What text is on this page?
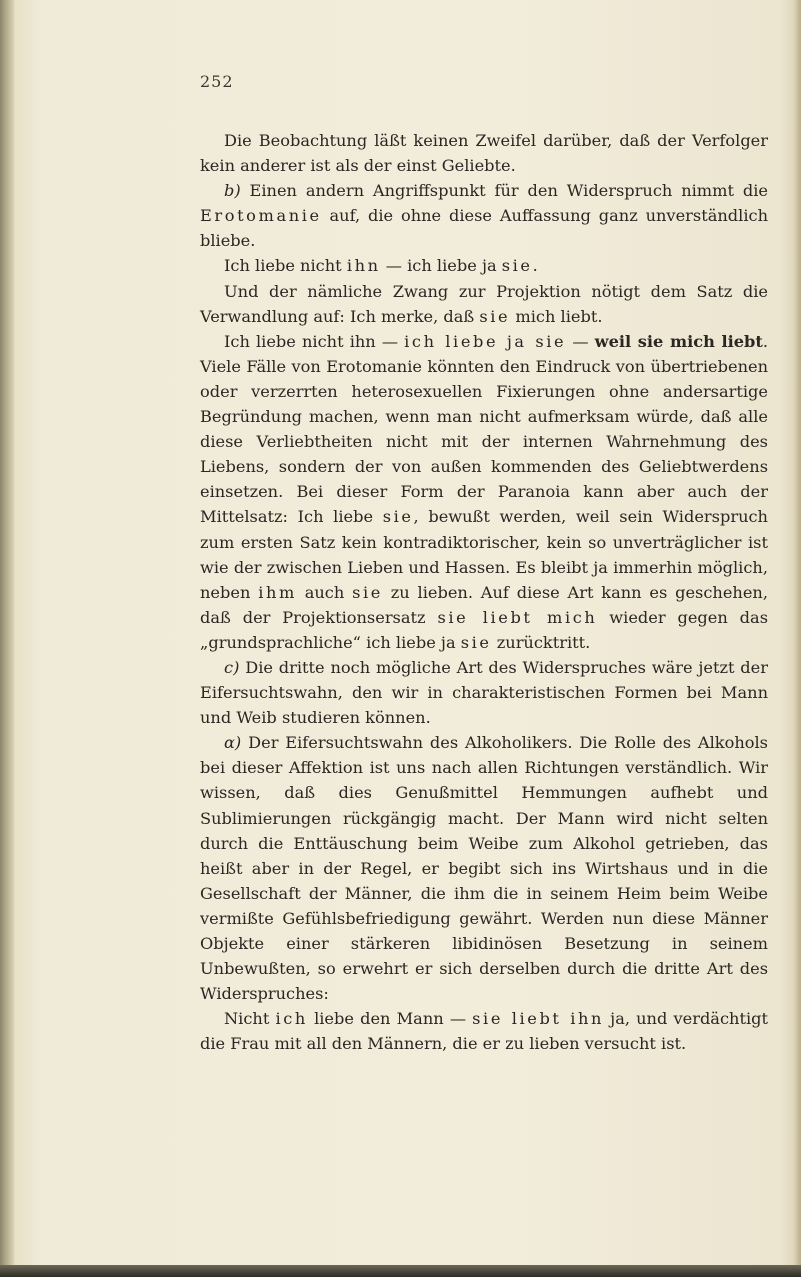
252

Die Beobachtung läßt keinen Zweifel darüber, daß der Verfolger kein anderer ist als der einst Geliebte.

b) Einen andern Angriffspunkt für den Widerspruch nimmt die Erotomanie auf, die ohne diese Auffassung ganz unverständlich bliebe.

Ich liebe nicht ihn — ich liebe ja sie.

Und der nämliche Zwang zur Projektion nötigt dem Satz die Verwandlung auf: Ich merke, daß sie mich liebt.

Ich liebe nicht ihn — ich liebe ja sie — weil sie mich liebt. Viele Fälle von Erotomanie könnten den Eindruck von übertriebenen oder verzerrten heterosexuellen Fixierungen ohne andersartige Begründung machen, wenn man nicht aufmerksam würde, daß alle diese Verliebtheiten nicht mit der internen Wahrnehmung des Liebens, sondern der von außen kommenden des Geliebtwerdens einsetzen. Bei dieser Form der Paranoia kann aber auch der Mittelsatz: Ich liebe sie, bewußt werden, weil sein Widerspruch zum ersten Satz kein kontradiktorischer, kein so unverträglicher ist wie der zwischen Lieben und Hassen. Es bleibt ja immerhin möglich, neben ihm auch sie zu lieben. Auf diese Art kann es geschehen, daß der Projektionsersatz sie liebt mich wieder gegen das „grundsprachliche“ ich liebe ja sie zurücktritt.

c) Die dritte noch mögliche Art des Widerspruches wäre jetzt der Eifersuchtswahn, den wir in charakteristischen Formen bei Mann und Weib studieren können.

α) Der Eifersuchtswahn des Alkoholikers. Die Rolle des Alkohols bei dieser Affektion ist uns nach allen Richtungen verständlich. Wir wissen, daß dies Genußmittel Hemmungen aufhebt und Sublimierungen rückgängig macht. Der Mann wird nicht selten durch die Enttäuschung beim Weibe zum Alkohol getrieben, das heißt aber in der Regel, er begibt sich ins Wirtshaus und in die Gesellschaft der Männer, die ihm die in seinem Heim beim Weibe vermißte Gefühlsbefriedigung gewährt. Werden nun diese Männer Objekte einer stärkeren libidinösen Besetzung in seinem Unbewußten, so erwehrt er sich derselben durch die dritte Art des Widerspruches:

Nicht ich liebe den Mann — sie liebt ihn ja, und verdächtigt die Frau mit all den Männern, die er zu lieben versucht ist.
